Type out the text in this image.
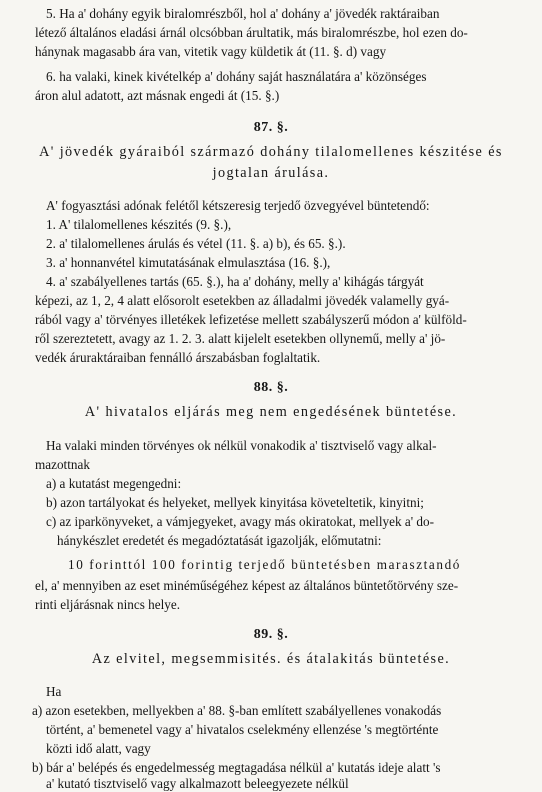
5. Ha a' dohány egyik biralomrészből, hol a' dohány a' jövedék raktáraiban
létező általános eladási árnál olcsóbban árultatik, más biralomrészbe, hol ezen do-
hánynak magasabb ára van, vitetik vagy küldetik át (11. §. d) vagy
6. ha valaki, kinek kivételkép a' dohány saját használatára a' közönséges
áron alul adatott, azt másnak engedi át (15. §.)
87. §.
A' jövedék gyáraiból származó dohány tilalomellenes készitése és
jogtalan árulása.
A' fogyasztási adónak felétől kétszeresig terjedő özvegyével büntetendő:
1. A' tilalomellenes készités (9. §.),
2. a' tilalomellenes árulás és vétel (11. §. a) b), és 65. §.).
3. a' honnanvétel kimutatásának elmulasztása (16. §.),
4. a' szabályellenes tartás (65. §.), ha a' dohány, melly a' kihágás tárgyát
képezi, az 1, 2, 4 alatt elősorolt esetekben az álladalmi jövedék valamelly gyá-
rából vagy a' törvényes illetékek lefizetése mellett szabályszerű módon a' külföld-
ről szereztetett, avagy az 1. 2. 3. alatt kijelelt esetekben ollynemű, melly a' jö-
vedék áruraktáraiban fennálló árszabásban foglaltatik.
88. §.
A' hivatalos eljárás meg nem engedésének büntetése.
Ha valaki minden törvényes ok nélkül vonakodik a' tisztviselő vagy alkal-
mazottnak
a) a kutatást megengedni:
b) azon tartályokat és helyeket, mellyek kinyitása követeltetik, kinyitni;
c) az iparkönyveket, a vámjegyeket, avagy más okiratokat, mellyek a' do-
hánykészlet eredetét és megadóztatását igazolják, előmutatni:
10 forinttól 100 forintig terjedő büntetésben marasztandó
el, a' mennyiben az eset minéműségéhez képest az általános büntetőtörvény sze-
rinti eljárásnak nincs helye.
89. §.
Az elvitel, megsemmisités. és átalakitás büntetése.
Ha
a) azon esetekben, mellyekben a' 88. §-ban említett szabályellenes vonakodás
történt, a' bemenetel vagy a' hivatalos cselekmény ellenzése 's megtörténte
közti idő alatt, vagy
b) bár a' belépés és engedelmesség megtagadása nélkül a' kutatás ideje alatt 's
a' kutató tisztviselő vagy alkalmazott beleegyezete nélkül
